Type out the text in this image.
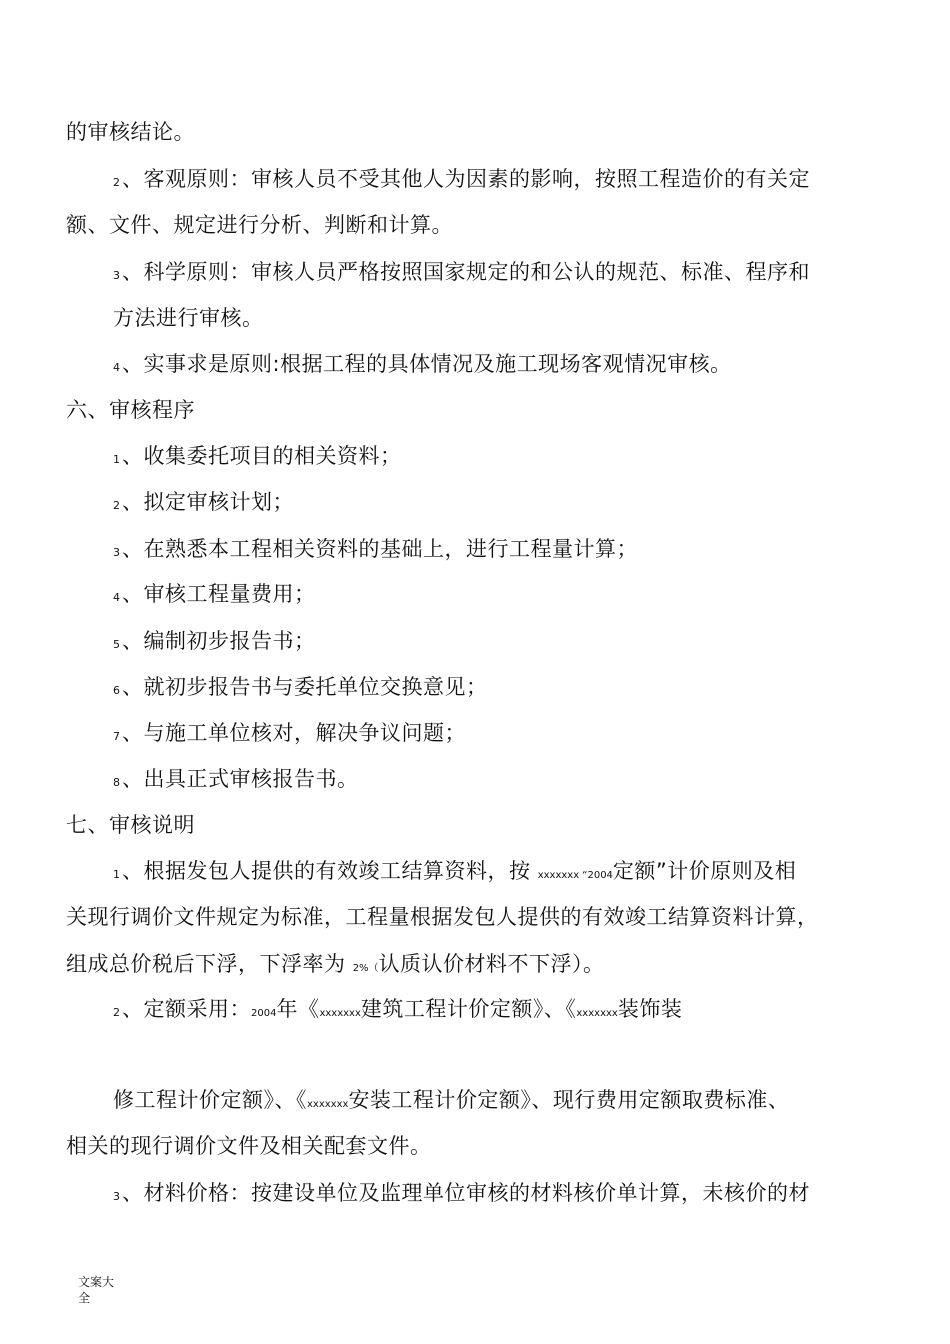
的审核结论。
2、客观原则：审核人员不受其他人为因素的影响，按照工程造价的有关定
额、文件、规定进行分析、判断和计算。
3、科学原则：审核人员严格按照国家规定的和公认的规范、标准、程序和
方法进行审核。
4、实事求是原则:根据工程的具体情况及施工现场客观情况审核。
六、审核程序
1、收集委托项目的相关资料；
2、拟定审核计划；
3、在熟悉本工程相关资料的基础上，进行工程量计算；
4、审核工程量费用；
5、编制初步报告书；
6、就初步报告书与委托单位交换意见；
7、与施工单位核对，解决争议问题；
8、出具正式审核报告书。
七、审核说明
1、根据发包人提供的有效竣工结算资料，按 xxxxxxx “2004定额”计价原则及相
关现行调价文件规定为标准，工程量根据发包人提供的有效竣工结算资料计算，
组成总价税后下浮，下浮率为 2%（认质认价材料不下浮）。
2、定额采用：2004年《xxxxxxx建筑工程计价定额》、《xxxxxxx装饰装
修工程计价定额》、《xxxxxxx安装工程计价定额》、现行费用定额取费标准、
相关的现行调价文件及相关配套文件。
3、材料价格：按建设单位及监理单位审核的材料核价单计算，未核价的材
文案大全
